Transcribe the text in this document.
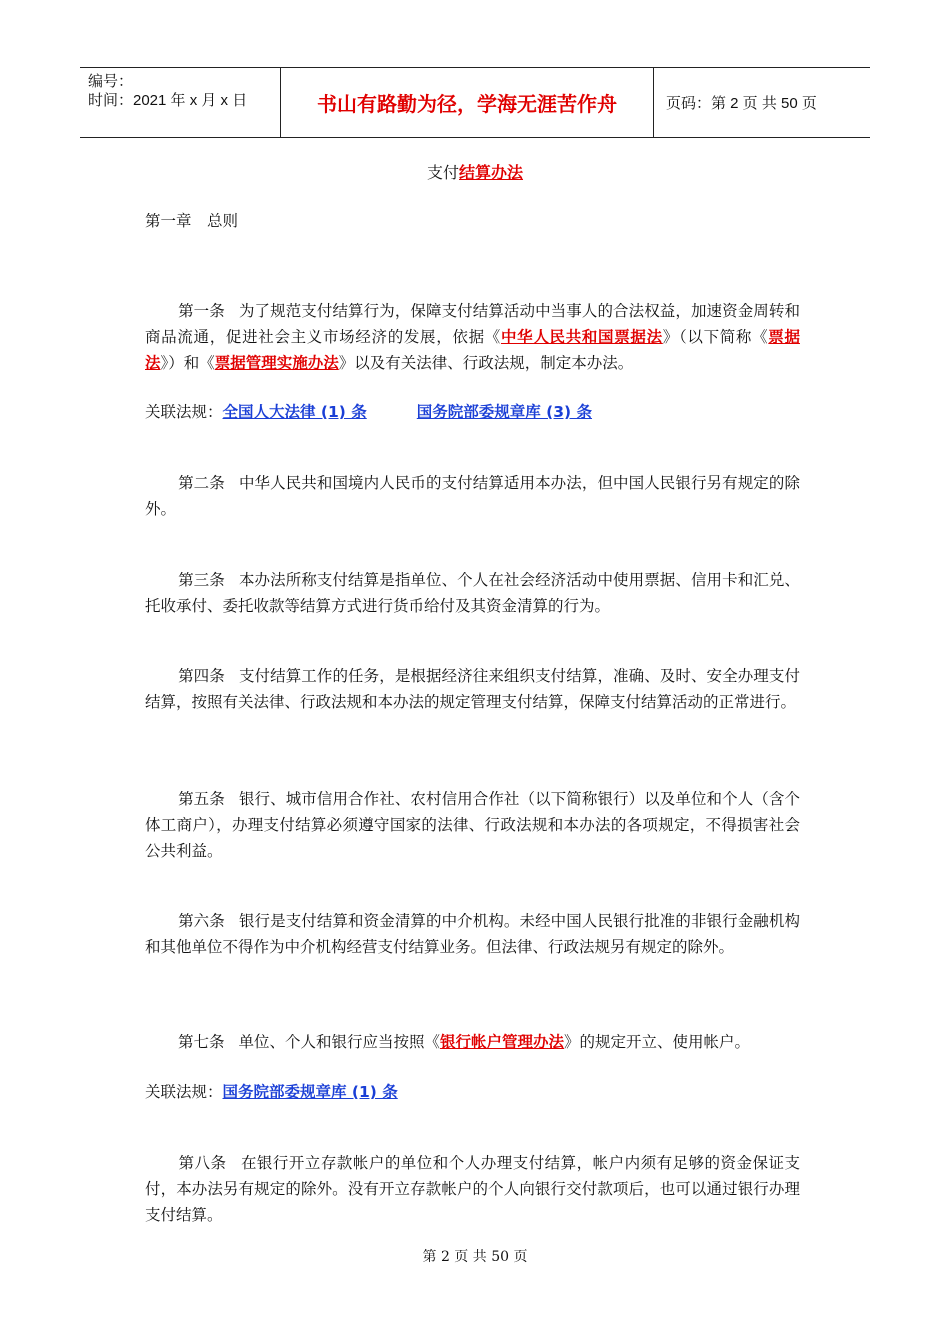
编号：
时间：2021 年 x 月 x 日	书山有路勤为径，学海无涯苦作舟	页码：第 2 页 共 50 页
支付结算办法
第一章　总则
第一条 为了规范支付结算行为，保障支付结算活动中当事人的合法权益，加速资金周转和商品流通，促进社会主义市场经济的发展，依据《中华人民共和国票据法》（以下简称《票据法》）和《票据管理实施办法》以及有关法律、行政法规，制定本办法。
关联法规：全国人大法律 (1) 条	国务院部委规章库 (3) 条
第二条 中华人民共和国境内人民币的支付结算适用本办法，但中国人民银行另有规定的除外。
第三条 本办法所称支付结算是指单位、个人在社会经济活动中使用票据、信用卡和汇兑、托收承付、委托收款等结算方式进行货币给付及其资金清算的行为。
第四条 支付结算工作的任务，是根据经济往来组织支付结算，准确、及时、安全办理支付结算，按照有关法律、行政法规和本办法的规定管理支付结算，保障支付结算活动的正常进行。
第五条 银行、城市信用合作社、农村信用合作社（以下简称银行）以及单位和个人（含个体工商户），办理支付结算必须遵守国家的法律、行政法规和本办法的各项规定，不得损害社会公共利益。
第六条 银行是支付结算和资金清算的中介机构。未经中国人民银行批准的非银行金融机构和其他单位不得作为中介机构经营支付结算业务。但法律、行政法规另有规定的除外。
第七条 单位、个人和银行应当按照《银行帐户管理办法》的规定开立、使用帐户。
关联法规：国务院部委规章库 (1) 条
第八条 在银行开立存款帐户的单位和个人办理支付结算，帐户内须有足够的资金保证支付，本办法另有规定的除外。没有开立存款帐户的个人向银行交付款项后，也可以通过银行办理支付结算。
第 2 页 共 50 页
